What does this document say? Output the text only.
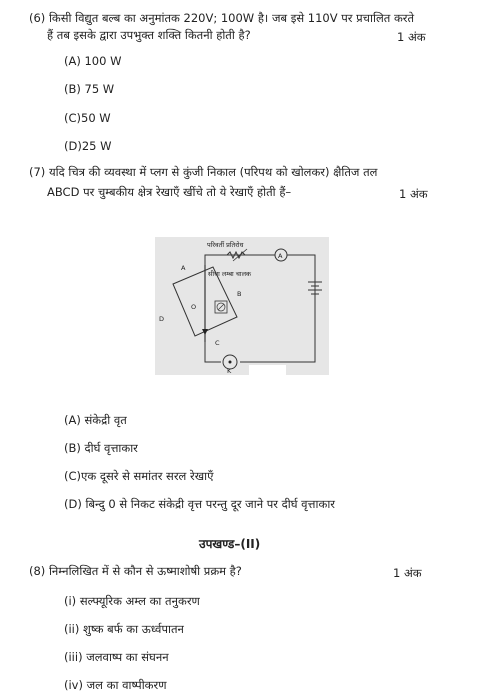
(6) किसी विद्युत बल्ब का अनुमांतक 220V; 100W है। जब इसे 110V पर प्रचालित करते
हैं तब इसके द्वारा उपभुक्त शक्ति कितनी होती है?	1 अंक
(A) 100 W
(B) 75 W
(C)50 W
(D)25 W
(7) यदि चित्र की व्यवस्था में प्लग से कुंजी निकाल (परिपथ को खोलकर) क्षैतिज तल
ABCD पर चुम्बकीय क्षेत्र रेखाएँ खींचे तो ये रेखाएँ होती हैं–	1 अंक
A
परिवर्ती प्रतिरोध
सीधा लम्बा चालक
A
B
C
D
O
K
(A) संकेद्री वृत
(B) दीर्घ वृत्ताकार
(C)एक दूसरे से समांतर सरल रेखाएँ
(D) बिन्दु 0 से निकट संकेद्री वृत्त परन्तु दूर जाने पर दीर्घ वृत्ताकार
उपखण्ड–(II)
(8) निम्नलिखित में से कौन से ऊष्माशोषी प्रक्रम है?	1 अंक
(i) सल्फ्यूरिक अम्ल का तनुकरण
(ii) शुष्क बर्फ का ऊर्ध्वपातन
(iii) जलवाष्प का संघनन
(iv) जल का वाष्पीकरण
